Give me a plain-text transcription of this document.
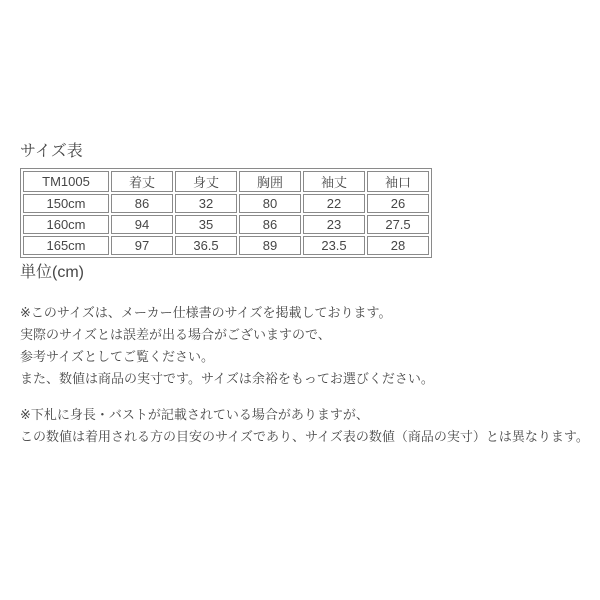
サイズ表
TM1005	着丈	身丈	胸囲	袖丈	袖口
150cm	86	32	80	22	26
160cm	94	35	86	23	27.5
165cm	97	36.5	89	23.5	28
単位(cm)
※このサイズは、メーカー仕様書のサイズを掲載しております。
実際のサイズとは誤差が出る場合がございますので、
参考サイズとしてご覧ください。
また、数値は商品の実寸です。サイズは余裕をもってお選びください。
※下札に身長・バストが記載されている場合がありますが、
この数値は着用される方の目安のサイズであり、サイズ表の数値（商品の実寸）とは異なります。
